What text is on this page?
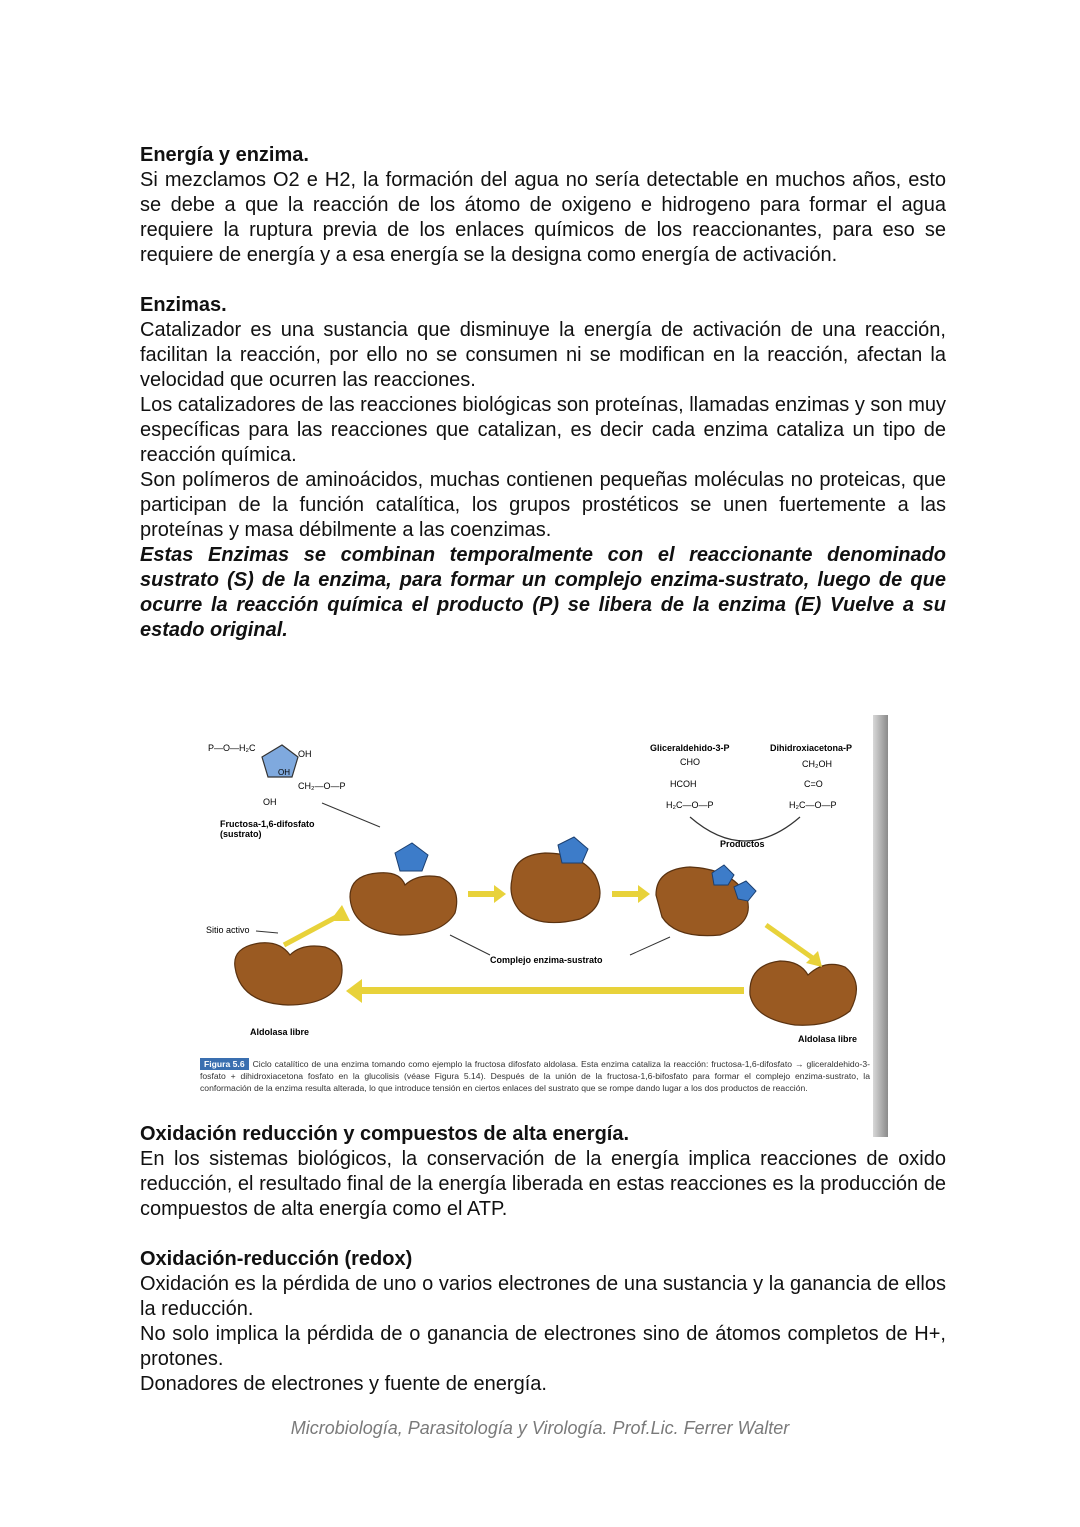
Energía y enzima.

Si mezclamos O2 e H2, la formación del agua no sería detectable en muchos años, esto se debe a que la reacción de los átomo de oxigeno e hidrogeno para formar el agua requiere la ruptura previa de los enlaces químicos de los reaccionantes, para eso se requiere de energía y a esa energía se la designa como energía de activación.

Enzimas.

Catalizador es una sustancia que disminuye la energía de activación de una reacción, facilitan la reacción, por ello no se consumen ni se modifican en la reacción, afectan la velocidad que ocurren las reacciones.

Los catalizadores de las reacciones biológicas son proteínas, llamadas enzimas y son muy específicas para las reacciones que catalizan, es decir cada enzima cataliza un tipo de reacción química.

Son polímeros de aminoácidos, muchas contienen pequeñas moléculas no proteicas, que participan de la función catalítica, los grupos prostéticos se unen fuertemente a las proteínas y masa débilmente a las coenzimas.

Estas Enzimas se combinan temporalmente con el reaccionante denominado sustrato (S) de la enzima, para formar un complejo enzima-sustrato, luego de que ocurre la reacción química el producto (P) se libera de la enzima (E) Vuelve a su estado original.

P—O—H₂C
OH
OH
CH₂—O—P
OH
Fructosa-1,6-difosfato
(sustrato)
Gliceraldehido-3-P
CHO
HCOH
H₂C—O—P
Dihidroxiacetona-P
CH₂OH
C=O
H₂C—O—P
Productos
Sitio activo
Complejo enzima-sustrato
Aldolasa libre
Aldolasa libre
Figura 5.6 Ciclo catalítico de una enzima tomando como ejemplo la fructosa difosfato aldolasa. Esta enzima cataliza la reacción: fructosa-1,6-difosfato → gliceraldehido-3-fosfato + dihidroxiacetona fosfato en la glucolisis (véase Figura 5.14). Después de la unión de la fructosa-1,6-bifosfato para formar el complejo enzima-sustrato, la conformación de la enzima resulta alterada, lo que introduce tensión en ciertos enlaces del sustrato que se rompe dando lugar a los dos productos de reacción.

Oxidación reducción y compuestos de alta energía.

En los sistemas biológicos, la conservación de la energía implica reacciones de oxido reducción, el resultado final de la energía liberada en estas reacciones es la producción de compuestos de alta energía como el ATP.

Oxidación-reducción (redox)

Oxidación es la pérdida de uno o varios electrones de una sustancia y la ganancia de ellos la reducción.

No solo implica la pérdida de o ganancia de electrones sino de átomos completos de H+, protones.

Donadores de electrones y fuente de energía.

Microbiología, Parasitología y Virología. Prof.Lic. Ferrer Walter
